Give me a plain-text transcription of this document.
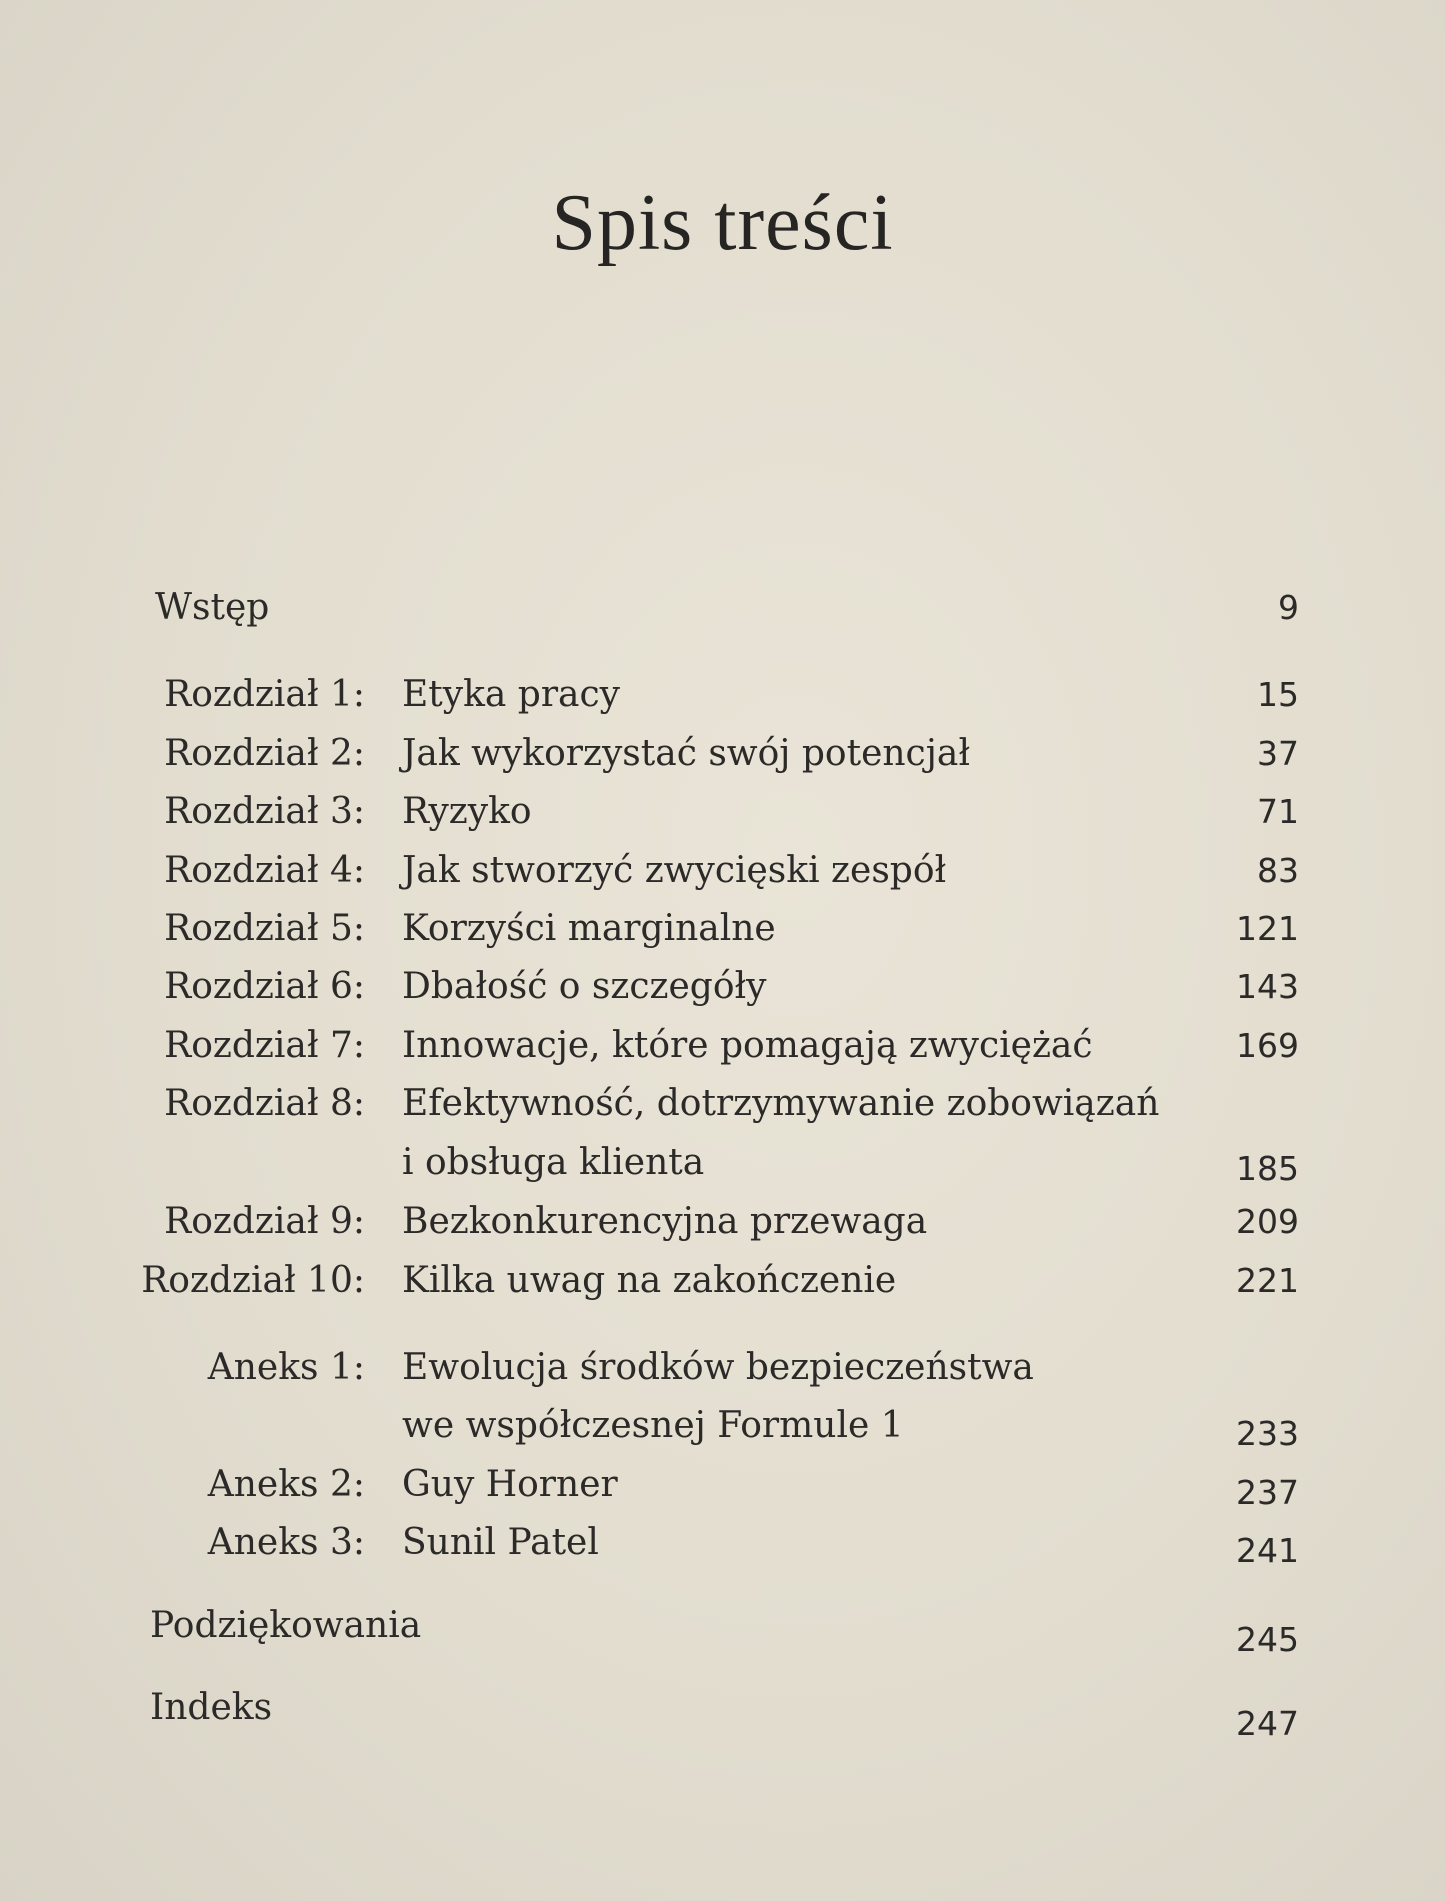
Spis treści
Wstęp	9
Rozdział 1: Etyka pracy	15
Rozdział 2: Jak wykorzystać swój potencjał	37
Rozdział 3: Ryzyko	71
Rozdział 4: Jak stworzyć zwycięski zespół	83
Rozdział 5: Korzyści marginalne	121
Rozdział 6: Dbałość o szczegóły	143
Rozdział 7: Innowacje, które pomagają zwyciężać	169
Rozdział 8: Efektywność, dotrzymywanie zobowiązań
i obsługa klienta	185
Rozdział 9: Bezkonkurencyjna przewaga	209
Rozdział 10: Kilka uwag na zakończenie	221
Aneks 1: Ewolucja środków bezpieczeństwa
we współczesnej Formule 1	233
Aneks 2: Guy Horner	237
Aneks 3: Sunil Patel	241
Podziękowania	245
Indeks	247
